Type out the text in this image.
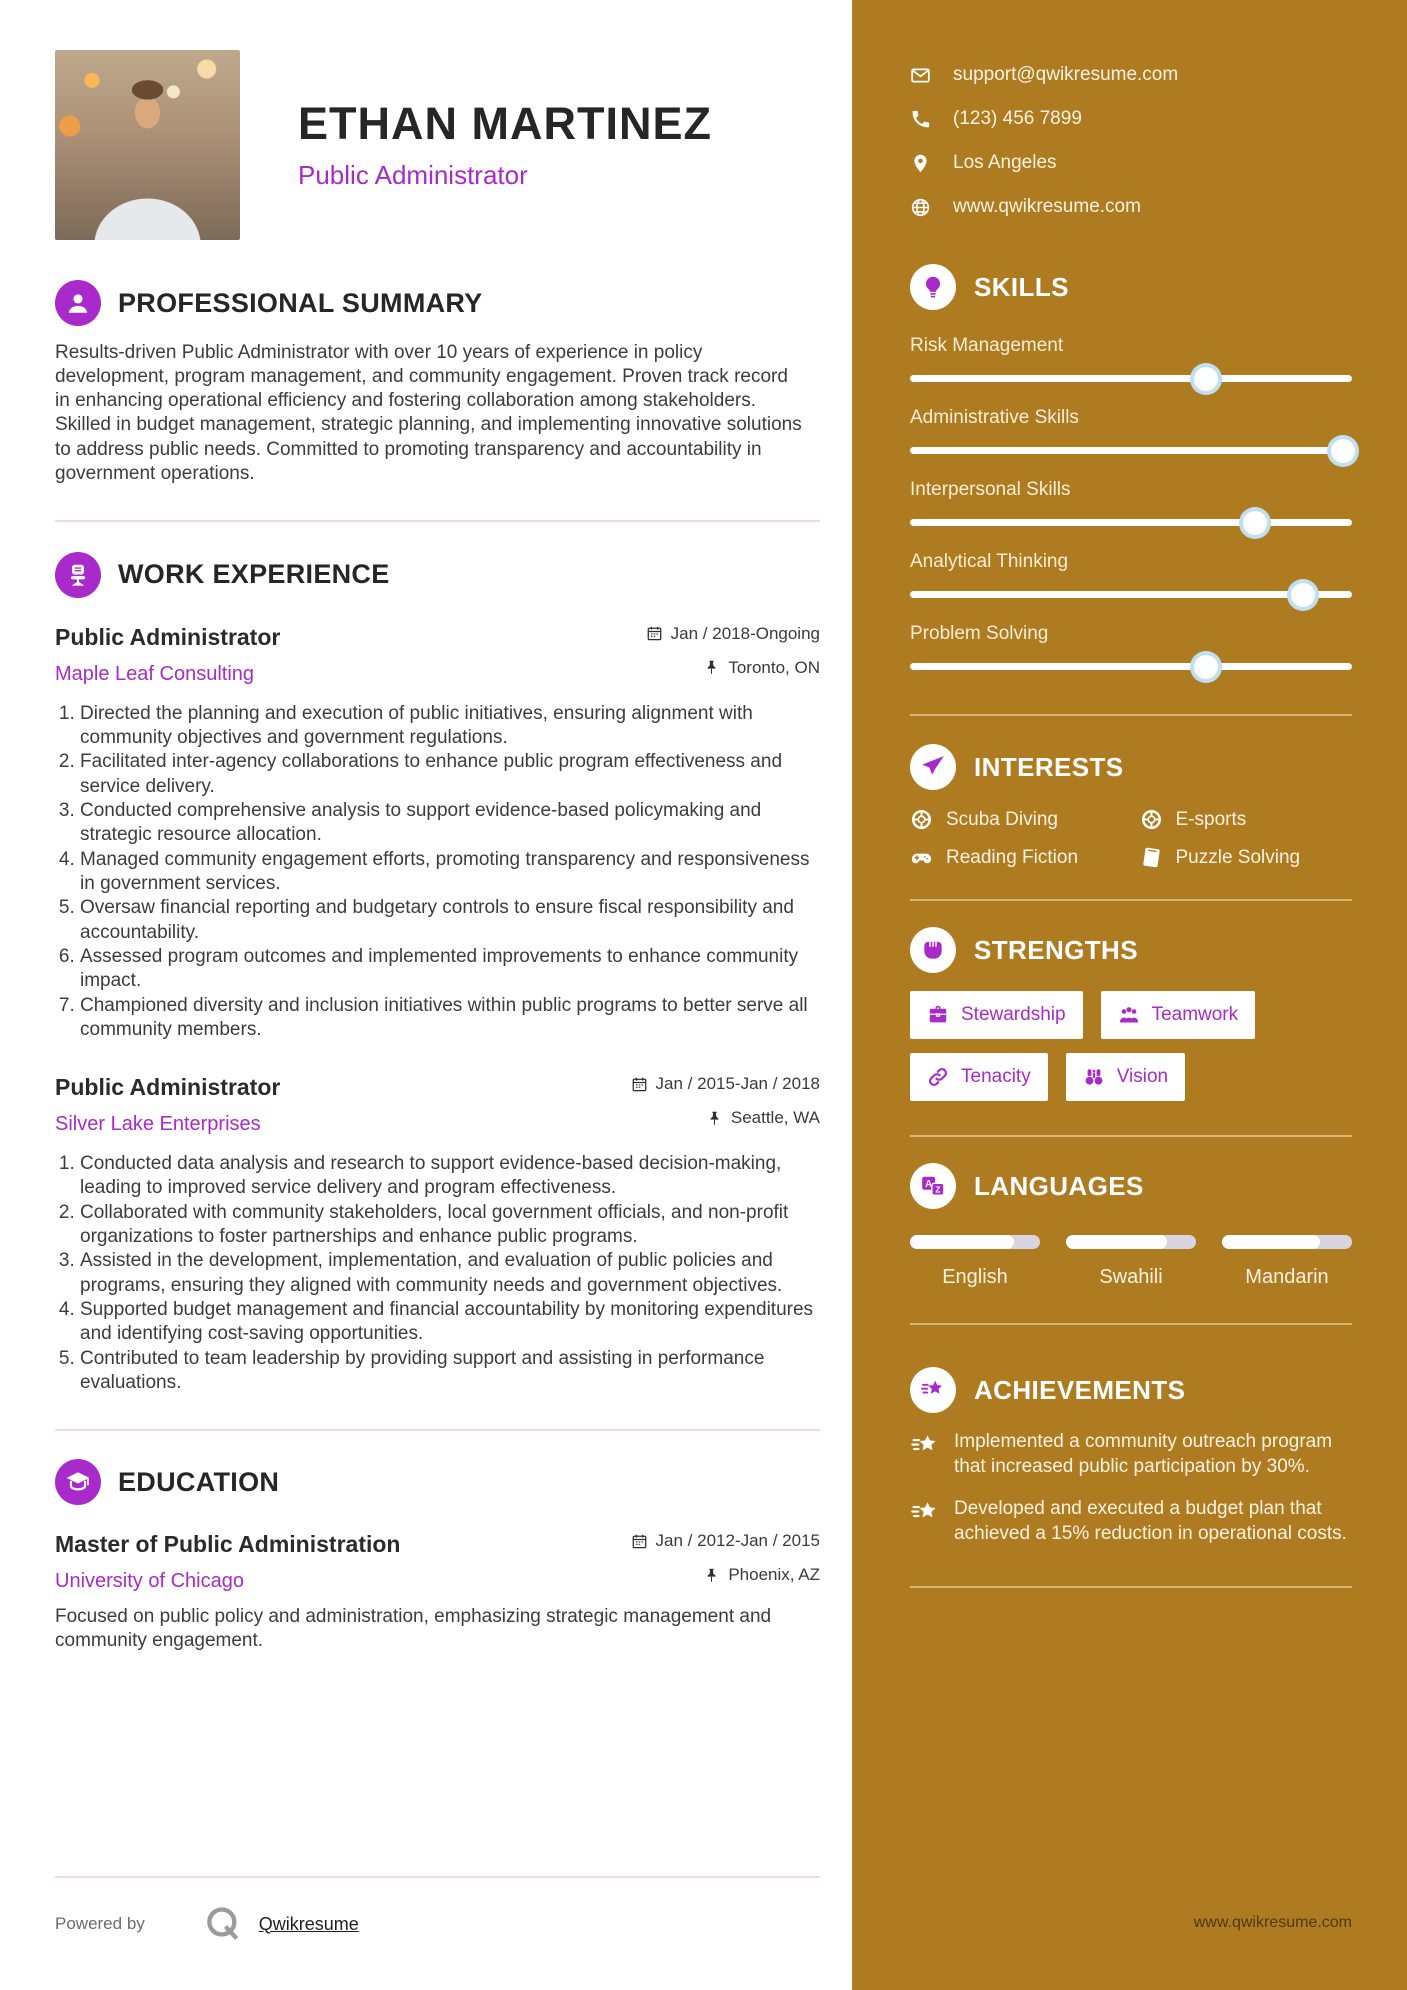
ETHAN MARTINEZ
Public Administrator
PROFESSIONAL SUMMARY
Results-driven Public Administrator with over 10 years of experience in policy development, program management, and community engagement. Proven track record in enhancing operational efficiency and fostering collaboration among stakeholders. Skilled in budget management, strategic planning, and implementing innovative solutions to address public needs. Committed to promoting transparency and accountability in government operations.
WORK EXPERIENCE
Public Administrator
Maple Leaf Consulting
Jan / 2018-Ongoing
Toronto, ON
1. Directed the planning and execution of public initiatives, ensuring alignment with community objectives and government regulations.
2. Facilitated inter-agency collaborations to enhance public program effectiveness and service delivery.
3. Conducted comprehensive analysis to support evidence-based policymaking and strategic resource allocation.
4. Managed community engagement efforts, promoting transparency and responsiveness in government services.
5. Oversaw financial reporting and budgetary controls to ensure fiscal responsibility and accountability.
6. Assessed program outcomes and implemented improvements to enhance community impact.
7. Championed diversity and inclusion initiatives within public programs to better serve all community members.
Public Administrator
Silver Lake Enterprises
Jan / 2015-Jan / 2018
Seattle, WA
1. Conducted data analysis and research to support evidence-based decision-making, leading to improved service delivery and program effectiveness.
2. Collaborated with community stakeholders, local government officials, and non-profit organizations to foster partnerships and enhance public programs.
3. Assisted in the development, implementation, and evaluation of public policies and programs, ensuring they aligned with community needs and government objectives.
4. Supported budget management and financial accountability by monitoring expenditures and identifying cost-saving opportunities.
5. Contributed to team leadership by providing support and assisting in performance evaluations.
EDUCATION
Master of Public Administration
University of Chicago
Jan / 2012-Jan / 2015
Phoenix, AZ
Focused on public policy and administration, emphasizing strategic management and community engagement.
Powered by	Qwikresume
support@qwikresume.com
(123) 456 7899
Los Angeles
www.qwikresume.com
SKILLS
Risk Management
Administrative Skills
Interpersonal Skills
Analytical Thinking
Problem Solving
INTERESTS
Scuba Diving	E-sports
Reading Fiction	Puzzle Solving
STRENGTHS
Stewardship	Teamwork
Tenacity	Vision
A Z LANGUAGES
English	Swahili	Mandarin
ACHIEVEMENTS
Implemented a community outreach program that increased public participation by 30%.
Developed and executed a budget plan that achieved a 15% reduction in operational costs.
www.qwikresume.com
